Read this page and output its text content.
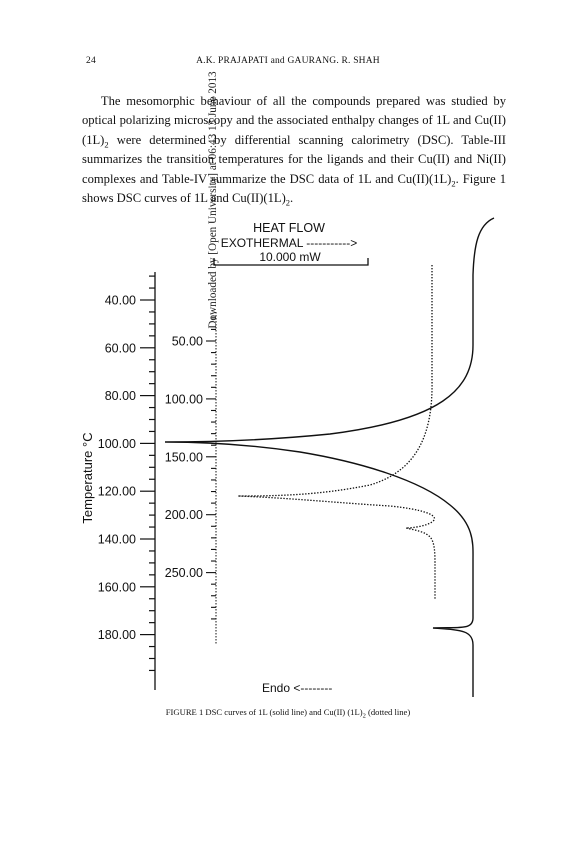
Downloaded by [Open University] at 06:43 13 June 2013
24	A.K. PRAJAPATI and GAURANG. R. SHAH

  The mesomorphic behaviour of all the compounds prepared was studied by optical polarizing microscopy and the associated enthalpy changes of 1L and $Cu(II)(1L)_2$ were determined by differential scanning calorimetry (DSC). Table-III summarizes the transition temperatures for the ligands and their Cu(II) and Ni(II) complexes and Table-IV summarize the DSC data of 1L and $Cu(II)(1L)_2$. Figure 1 shows DSC curves of 1L and $Cu(II)(1L)_2$.

HEAT FLOW
EXOTHERMAL ----------->
10.000 mW
40.00
60.00
80.00
100.00
120.00
140.00
160.00
180.00
50.00
100.00
150.00
200.00
250.00
Temperature °C
Endo <--------
FIGURE 1 DSC curves of 1L (solid line) and Cu(II) $(1L)_2$ (dotted line)
